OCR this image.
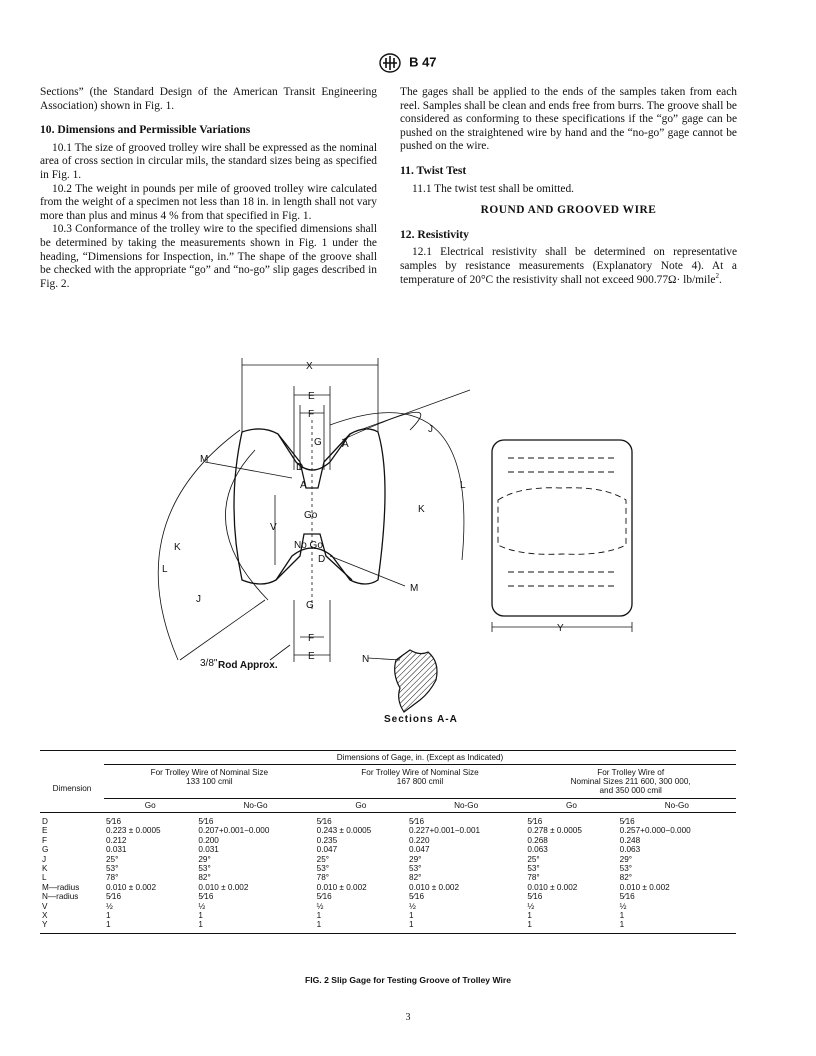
B 47

Sections” (the Standard Design of the American Transit Engineering Association) shown in Fig. 1.

10. Dimensions and Permissible Variations

10.1 The size of grooved trolley wire shall be expressed as the nominal area of cross section in circular mils, the standard sizes being as specified in Fig. 1.

10.2 The weight in pounds per mile of grooved trolley wire calculated from the weight of a specimen not less than 18 in. in length shall not vary more than plus and minus 4 % from that specified in Fig. 1.

10.3 Conformance of the trolley wire to the specified dimensions shall be determined by taking the measurements shown in Fig. 1 under the heading, “Dimensions for Inspection, in.” The shape of the groove shall be checked with the appropriate “go” and “no-go” slip gages described in Fig. 2.

The gages shall be applied to the ends of the samples taken from each reel. Samples shall be clean and ends free from burrs. The groove shall be considered as conforming to these specifications if the “go” gage can be pushed on the straightened wire by hand and the “no-go” gage cannot be pushed on the wire.

11. Twist Test

11.1 The twist test shall be omitted.

ROUND AND GROOVED WIRE
12. Resistivity

12.1 Electrical resistivity shall be determined on representative samples by resistance measurements (Explanatory Note 4). At a temperature of 20°C the resistivity shall not exceed 900.77Ω· lb/mile$^2$.

X
E
F
G
G
F
E
J
L
K
M
M
D
D
A
A
V
Go
No Go
L
K
J
3/8" Rod Approx.
Y
N
Sections A-A
	Dimensions of Gage, in. (Except as Indicated)					
Dimension	For Trolley Wire of Nominal Size
133 100 cmil		For Trolley Wire of Nominal Size
167 800 cmil		For Trolley Wire of
Nominal Sizes 211 600, 300 000,
and 350 000 cmil	
	Go	No-Go	Go	No-Go	Go	No-Go
D	5⁄16	5⁄16	5⁄16	5⁄16	5⁄16	5⁄16
E	0.223 ± 0.0005	0.207+0.001−0.000	0.243 ± 0.0005	0.227+0.001−0.001	0.278 ± 0.0005	0.257+0.000−0.000
F	0.212	0.200	0.235	0.220	0.268	0.248
G	0.031	0.031	0.047	0.047	0.063	0.063
J	25°	29°	25°	29°	25°	29°
K	53°	53°	53°	53°	53°	53°
L	78°	82°	78°	82°	78°	82°
M—radius	0.010 ± 0.002	0.010 ± 0.002	0.010 ± 0.002	0.010 ± 0.002	0.010 ± 0.002	0.010 ± 0.002
N—radius	5⁄16	5⁄16	5⁄16	5⁄16	5⁄16	5⁄16
V	½	½	½	½	½	½
X	1	1	1	1	1	1
Y	1	1	1	1	1	1
FIG. 2 Slip Gage for Testing Groove of Trolley Wire
3
